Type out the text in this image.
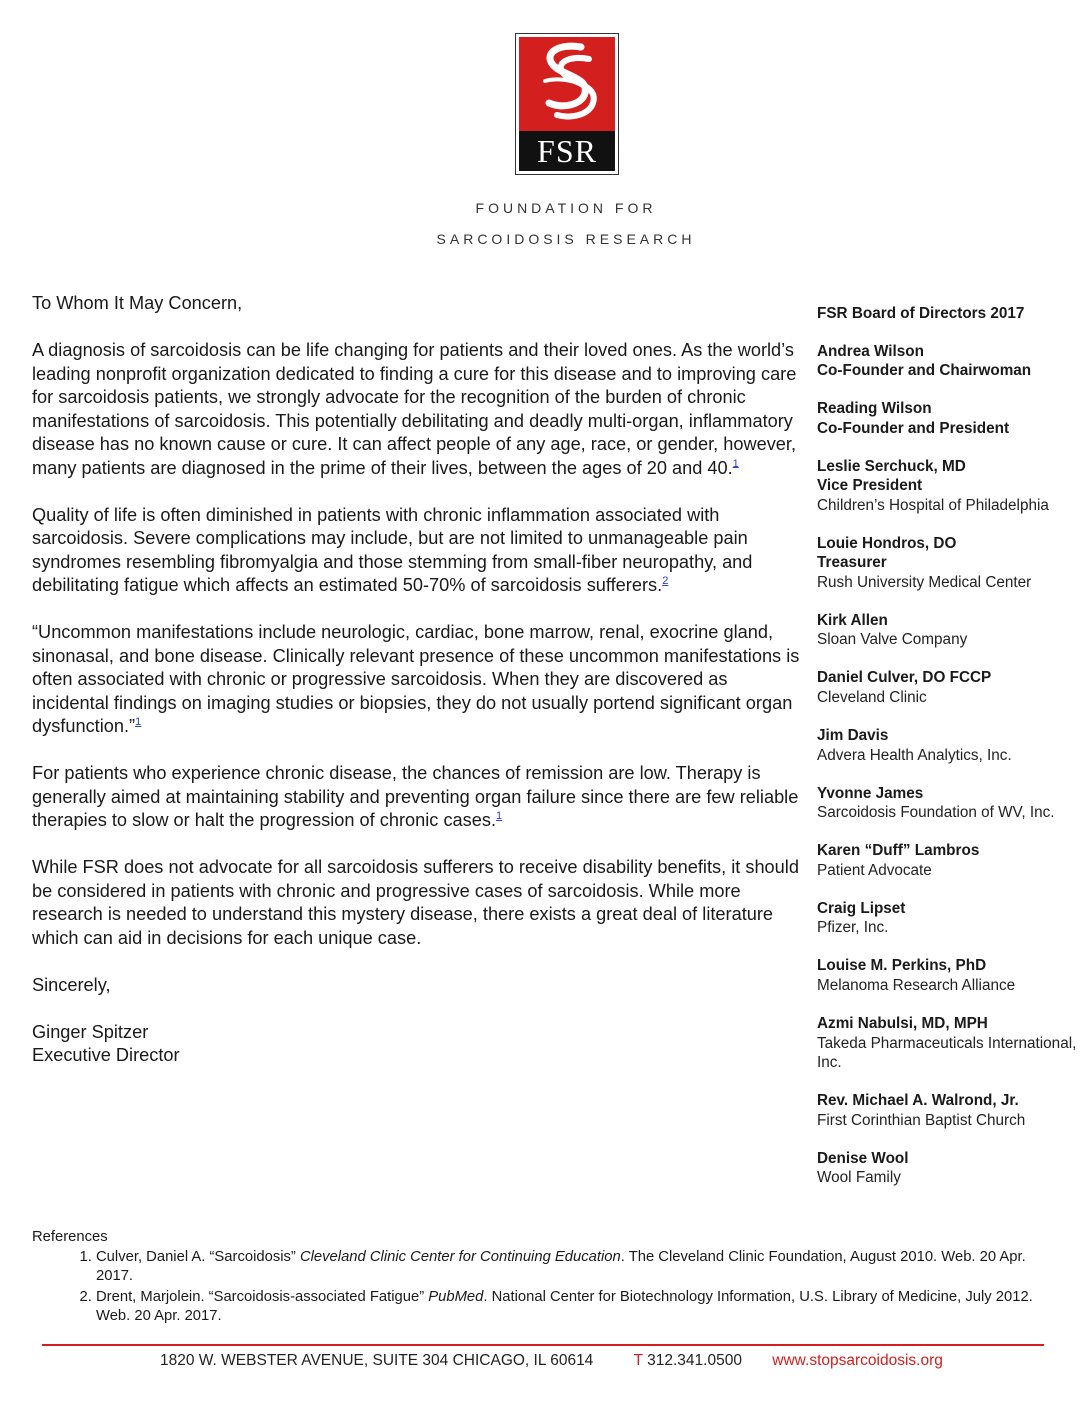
FSR
FOUNDATION FOR
SARCOIDOSIS RESEARCH

To Whom It May Concern,

A diagnosis of sarcoidosis can be life changing for patients and their loved ones. As the world’s leading nonprofit organization dedicated to finding a cure for this disease and to improving care for sarcoidosis patients, we strongly advocate for the recognition of the burden of chronic manifestations of sarcoidosis. This potentially debilitating and deadly multi-organ, inflammatory disease has no known cause or cure. It can affect people of any age, race, or gender, however, many patients are diagnosed in the prime of their lives, between the ages of 20 and 40.$^1$

Quality of life is often diminished in patients with chronic inflammation associated with sarcoidosis. Severe complications may include, but are not limited to unmanageable pain syndromes resembling fibromyalgia and those stemming from small-fiber neuropathy, and debilitating fatigue which affects an estimated 50-70% of sarcoidosis sufferers.$^2$

“Uncommon manifestations include neurologic, cardiac, bone marrow, renal, exocrine gland, sinonasal, and bone disease. Clinically relevant presence of these uncommon manifestations is often associated with chronic or progressive sarcoidosis. When they are discovered as incidental findings on imaging studies or biopsies, they do not usually portend significant organ dysfunction.”$^1$

For patients who experience chronic disease, the chances of remission are low. Therapy is generally aimed at maintaining stability and preventing organ failure since there are few reliable therapies to slow or halt the progression of chronic cases.$^1$

While FSR does not advocate for all sarcoidosis sufferers to receive disability benefits, it should be considered in patients with chronic and progressive cases of sarcoidosis. While more research is needed to understand this mystery disease, there exists a great deal of literature which can aid in decisions for each unique case.

Sincerely,

Ginger Spitzer
Executive Director

FSR Board of Directors 2017
Andrea Wilson
Co-Founder and Chairwoman
Reading Wilson
Co-Founder and President
Leslie Serchuck, MD
Vice President
Children’s Hospital of Philadelphia
Louie Hondros, DO
Treasurer
Rush University Medical Center
Kirk Allen
Sloan Valve Company
Daniel Culver, DO FCCP
Cleveland Clinic
Jim Davis
Advera Health Analytics, Inc.
Yvonne James
Sarcoidosis Foundation of WV, Inc.
Karen “Duff” Lambros
Patient Advocate
Craig Lipset
Pfizer, Inc.
Louise M. Perkins, PhD
Melanoma Research Alliance
Azmi Nabulsi, MD, MPH
Takeda Pharmaceuticals International, Inc.
Rev. Michael A. Walrond, Jr.
First Corinthian Baptist Church
Denise Wool
Wool Family
References
1. Culver, Daniel A. “Sarcoidosis” Cleveland Clinic Center for Continuing Education. The Cleveland Clinic Foundation, August 2010. Web. 20 Apr. 2017.
2. Drent, Marjolein. “Sarcoidosis-associated Fatigue” PubMed. National Center for Biotechnology Information, U.S. Library of Medicine, July 2012. Web. 20 Apr. 2017.
1820 W. WEBSTER AVENUE, SUITE 304 CHICAGO, IL 60614	T 312.341.0500 www.stopsarcoidosis.org
